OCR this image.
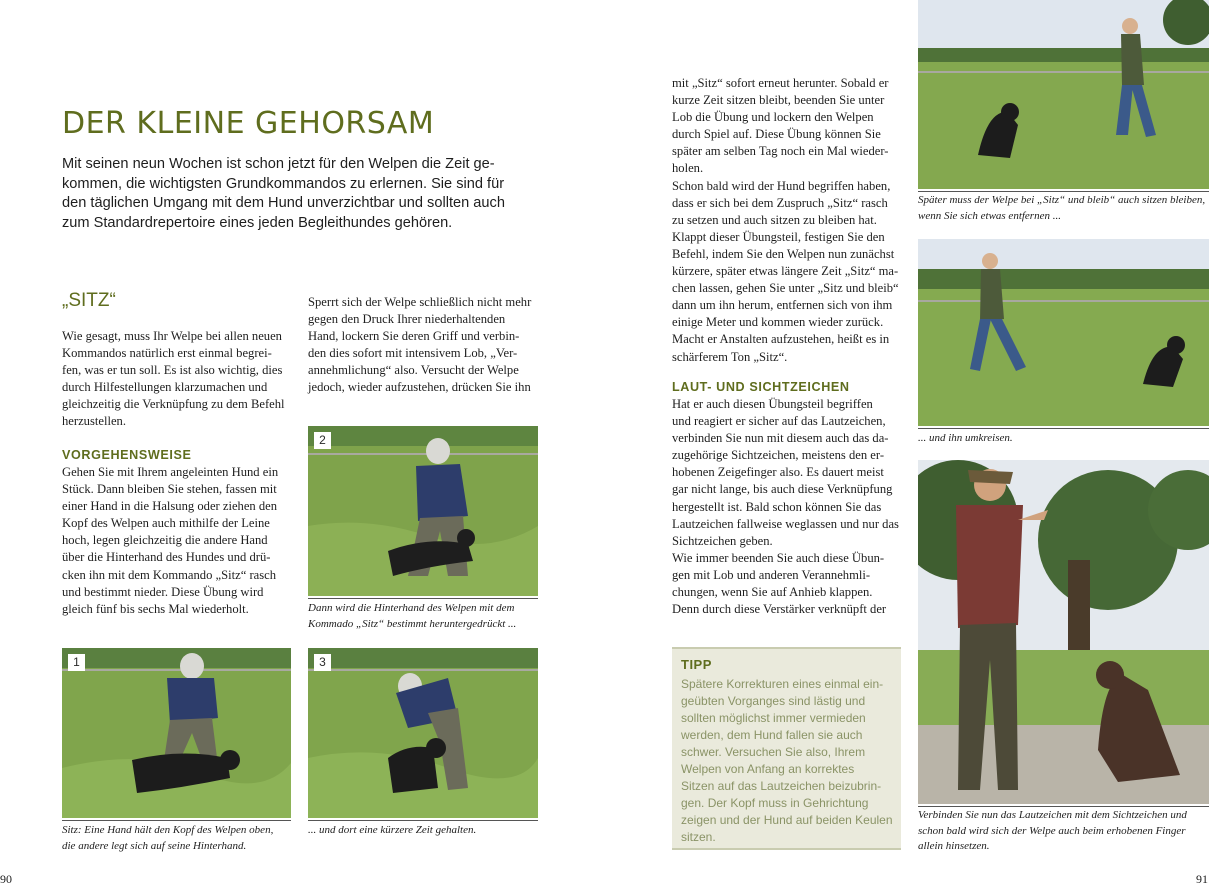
DER KLEINE GEHORSAM
Mit seinen neun Wochen ist schon jetzt für den Welpen die Zeit ge-
kommen, die wichtigsten Grundkommandos zu erlernen. Sie sind für
den täglichen Umgang mit dem Hund unverzichtbar und sollten auch
zum Standardrepertoire eines jeden Begleithundes gehören.
„SITZ“

Wie gesagt, muss Ihr Welpe bei allen neuen
Kommandos natürlich erst einmal begrei-
fen, was er tun soll. Es ist also wichtig, dies
durch Hilfestellungen klarzumachen und
gleichzeitig die Verknüpfung zu dem Befehl
herzustellen.

VORGEHENSWEISE

Gehen Sie mit Ihrem angeleinten Hund ein
Stück. Dann bleiben Sie stehen, fassen mit
einer Hand in die Halsung oder ziehen den
Kopf des Welpen auch mithilfe der Leine
hoch, legen gleichzeitig die andere Hand
über die Hinterhand des Hundes und drü-
cken ihn mit dem Kommando „Sitz“ rasch
und bestimmt nieder. Diese Übung wird
gleich fünf bis sechs Mal wiederholt.

Sperrt sich der Welpe schließlich nicht mehr
gegen den Druck Ihrer niederhaltenden
Hand, lockern Sie deren Griff und verbin-
den dies sofort mit intensivem Lob, „Ver-
annehmlichung“ also. Versucht der Welpe
jedoch, wieder aufzustehen, drücken Sie ihn

2

Dann wird die Hinterhand des Welpen mit dem
Kommado „Sitz“ bestimmt heruntergedrückt ...

1

Sitz: Eine Hand hält den Kopf des Welpen oben,
die andere legt sich auf seine Hinterhand.

3

... und dort eine kürzere Zeit gehalten.

90

mit „Sitz“ sofort erneut herunter. Sobald er
kurze Zeit sitzen bleibt, beenden Sie unter
Lob die Übung und lockern den Welpen
durch Spiel auf. Diese Übung können Sie
später am selben Tag noch ein Mal wieder-
holen.
Schon bald wird der Hund begriffen haben,
dass er sich bei dem Zuspruch „Sitz“ rasch
zu setzen und auch sitzen zu bleiben hat.
Klappt dieser Übungsteil, festigen Sie den
Befehl, indem Sie den Welpen nun zunächst
kürzere, später etwas längere Zeit „Sitz“ ma-
chen lassen, gehen Sie unter „Sitz und bleib“
dann um ihn herum, entfernen sich von ihm
einige Meter und kommen wieder zurück.
Macht er Anstalten aufzustehen, heißt es in
schärferem Ton „Sitz“.

LAUT- UND SICHTZEICHEN

Hat er auch diesen Übungsteil begriffen
und reagiert er sicher auf das Lautzeichen,
verbinden Sie nun mit diesem auch das da-
zugehörige Sichtzeichen, meistens den er-
hobenen Zeigefinger also. Es dauert meist
gar nicht lange, bis auch diese Verknüpfung
hergestellt ist. Bald schon können Sie das
Lautzeichen fallweise weglassen und nur das
Sichtzeichen geben.
Wie immer beenden Sie auch diese Übun-
gen mit Lob und anderen Verannehmli-
chungen, wenn Sie auf Anhieb klappen.
Denn durch diese Verstärker verknüpft der

TIPP

Spätere Korrekturen eines einmal ein-
geübten Vorganges sind lästig und
sollten möglichst immer vermieden
werden, dem Hund fallen sie auch
schwer. Versuchen Sie also, Ihrem
Welpen von Anfang an korrektes
Sitzen auf das Lautzeichen beizubrin-
gen. Der Kopf muss in Gehrichtung
zeigen und der Hund auf beiden Keulen
sitzen.

Später muss der Welpe bei „Sitz“ und bleib“ auch sitzen bleiben,
wenn Sie sich etwas entfernen ...

... und ihn umkreisen.

Verbinden Sie nun das Lautzeichen mit dem Sichtzeichen und
schon bald wird sich der Welpe auch beim erhobenen Finger
allein hinsetzen.

91
